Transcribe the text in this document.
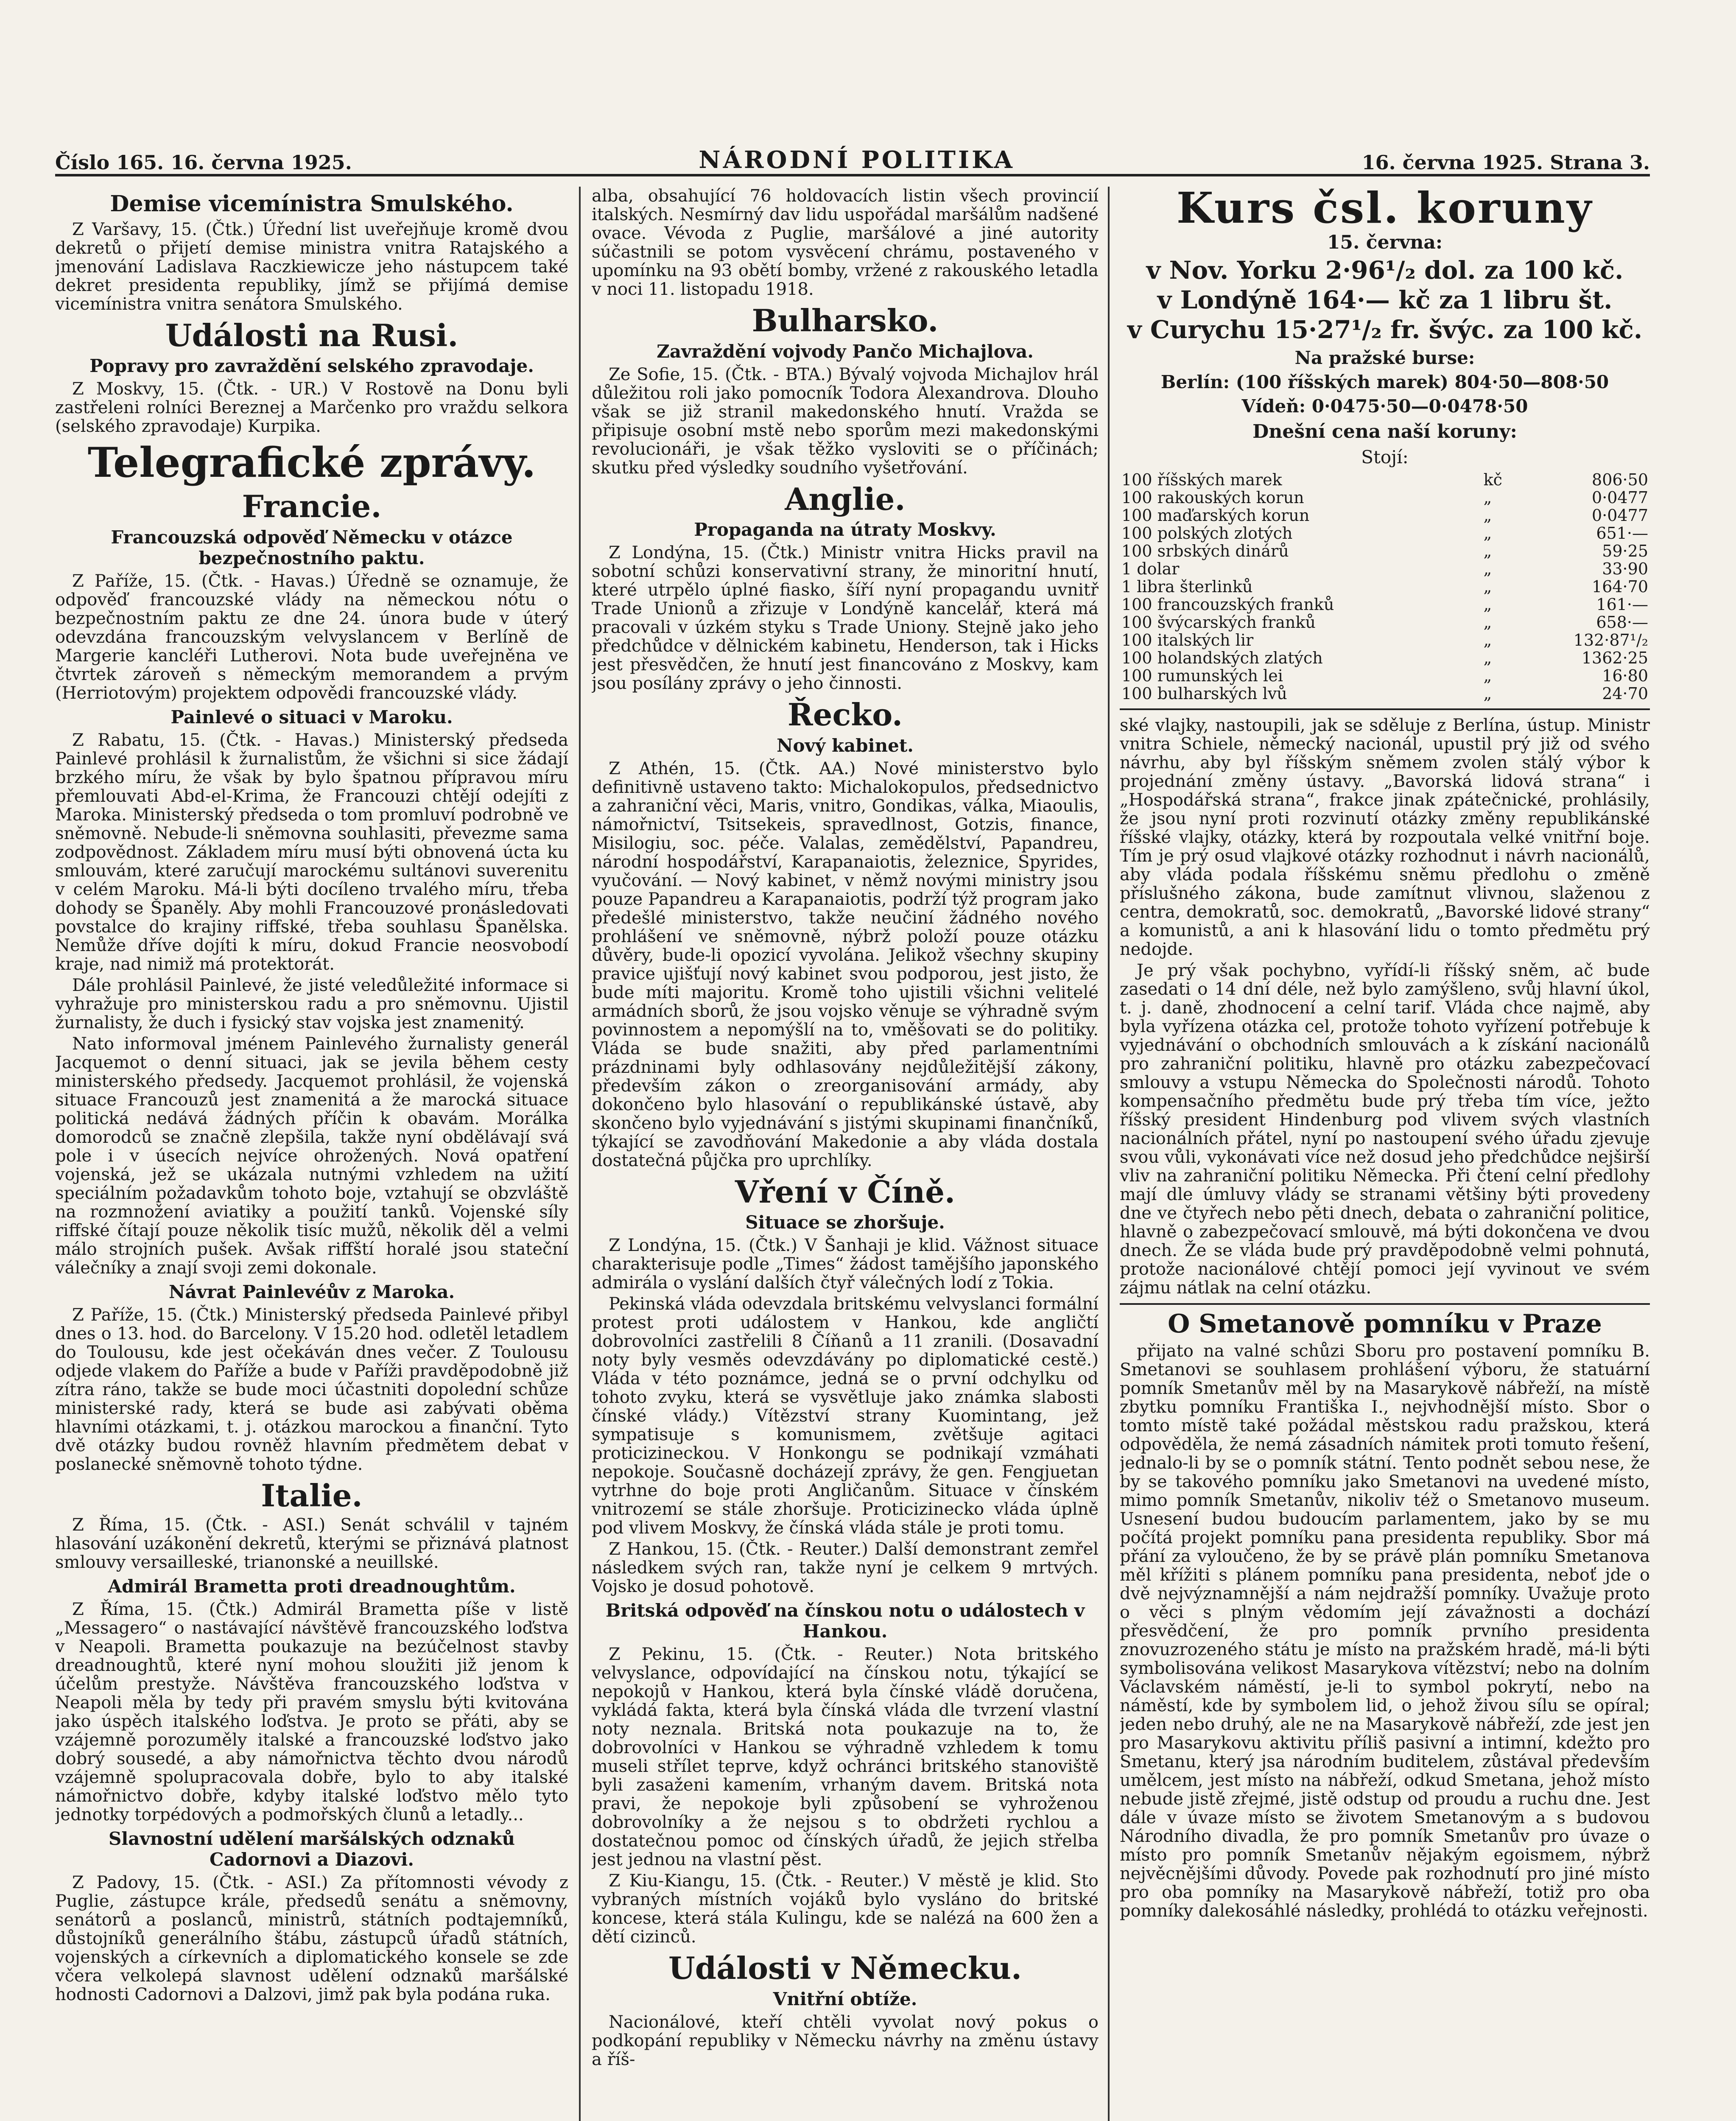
Číslo 165. 16. června 1925.	NÁRODNÍ POLITIKA	16. června 1925. Strana 3.
Demise vicemínistra Smulského.

Z Varšavy, 15. (Čtk.) Úřední list uveřejňuje kromě dvou dekretů o přijetí demise ministra vnitra Ratajského a jmenování Ladislava Raczkiewicze jeho nástupcem také dekret presidenta republiky, jímž se přijímá demise vicemínistra vnitra senátora Smulského.

Události na Rusi.
Popravy pro zavraždění selského zpravodaje.

Z Moskvy, 15. (Čtk. - UR.) V Rostově na Donu byli zastřeleni rolníci Bereznej a Marčenko pro vraždu selkora (selského zpravodaje) Kurpika.

Telegrafické zprávy.
Francie.
Francouzská odpověď Německu v otázce bezpečnostního paktu.

Z Paříže, 15. (Čtk. - Havas.) Úředně se oznamuje, že odpověď francouzské vlády na německou nótu o bezpečnostním paktu ze dne 24. února bude v úterý odevzdána francouzským velvyslancem v Berlíně de Margerie kancléři Lutherovi. Nota bude uveřejněna ve čtvrtek zároveň s německým memorandem a prvým (Herriotovým) projektem odpovědi francouzské vlády.

Painlevé o situaci v Maroku.

Z Rabatu, 15. (Čtk. - Havas.) Ministerský předseda Painlevé prohlásil k žurnalistům, že všichni si sice žádají brzkého míru, že však by bylo špatnou přípravou míru přemlouvati Abd-el-Krima, že Francouzi chtějí odejíti z Maroka. Ministerský předseda o tom promluví podrobně ve sněmovně. Nebude-li sněmovna souhlasiti, převezme sama zodpovědnost. Základem míru musí býti obnovená úcta ku smlouvám, které zaručují marockému sultánovi suverenitu v celém Maroku. Má-li býti docíleno trvalého míru, třeba dohody se Španěly. Aby mohli Francouzové pronásledovati povstalce do krajiny riffské, třeba souhlasu Španělska. Nemůže dříve dojíti k míru, dokud Francie neosvobodí kraje, nad nimiž má protektorát.

Dále prohlásil Painlevé, že jisté veledůležité informace si vyhražuje pro ministerskou radu a pro sněmovnu. Ujistil žurnalisty, že duch i fysický stav vojska jest znamenitý.

Nato informoval jménem Painlevého žurnalisty generál Jacquemot o denní situaci, jak se jevila během cesty ministerského předsedy. Jacquemot prohlásil, že vojenská situace Francouzů jest znamenitá a že marocká situace politická nedává žádných příčin k obavám. Morálka domorodců se značně zlepšila, takže nyní obdělávají svá pole i v úsecích nejvíce ohrožených. Nová opatření vojenská, jež se ukázala nutnými vzhledem na užití speciálním požadavkům tohoto boje, vztahují se obzvláště na rozmnožení aviatiky a použití tanků. Vojenské síly riffské čítají pouze několik tisíc mužů, několik děl a velmi málo strojních pušek. Avšak riffští horalé jsou stateční válečníky a znají svoji zemi dokonale.

Návrat Painlevéův z Maroka.

Z Paříže, 15. (Čtk.) Ministerský předseda Painlevé přibyl dnes o 13. hod. do Barcelony. V 15.20 hod. odletěl letadlem do Toulousu, kde jest očekáván dnes večer. Z Toulousu odjede vlakem do Paříže a bude v Paříži pravděpodobně již zítra ráno, takže se bude moci účastniti dopolední schůze ministerské rady, která se bude asi zabývati oběma hlavními otázkami, t. j. otázkou marockou a finanční. Tyto dvě otázky budou rovněž hlavním předmětem debat v poslanecké sněmovně tohoto týdne.

Italie.

Z Říma, 15. (Čtk. - ASI.) Senát schválil v tajném hlasování uzákonění dekretů, kterými se přiznává platnost smlouvy versailleské, trianonské a neuillské.

Admirál Brametta proti dreadnoughtům.

Z Říma, 15. (Čtk.) Admirál Brametta píše v listě „Messagero“ o nastávající návštěvě francouzského loďstva v Neapoli. Brametta poukazuje na bezúčelnost stavby dreadnoughtů, které nyní mohou sloužiti již jenom k účelům prestyže. Návštěva francouzského loďstva v Neapoli měla by tedy při pravém smyslu býti kvitována jako úspěch italského loďstva. Je proto se přáti, aby se vzájemně porozuměly italské a francouzské loďstvo jako dobrý sousedé, a aby námořnictva těchto dvou národů vzájemně spolupracovala dobře, bylo to aby italské námořnictvo dobře, kdyby italské loďstvo mělo tyto jednotky torpédových a podmořských člunů a letadly...

Slavnostní udělení maršálských odznaků Cadornovi a Diazovi.

Z Padovy, 15. (Čtk. - ASI.) Za přítomnosti vévody z Puglie, zástupce krále, předsedů senátu a sněmovny, senátorů a poslanců, ministrů, státních podtajemníků, důstojníků generálního štábu, zástupců úřadů státních, vojenských a církevních a diplomatického konsele se zde včera velkolepá slavnost udělení odznaků maršálské hodnosti Cadornovi a Dalzovi, jimž pak byla podána ruka.

alba, obsahující 76 holdovacích listin všech provincií italských. Nesmírný dav lidu uspořádal maršálům nadšené ovace. Vévoda z Puglie, maršálové a jiné autority súčastnili se potom vysvěcení chrámu, postaveného v upomínku na 93 obětí bomby, vržené z rakouského letadla v noci 11. listopadu 1918.

Bulharsko.
Zavraždění vojvody Pančo Michajlova.

Ze Sofie, 15. (Čtk. - BTA.) Bývalý vojvoda Michajlov hrál důležitou roli jako pomocník Todora Alexandrova. Dlouho však se již stranil makedonského hnutí. Vražda se připisuje osobní mstě nebo sporům mezi makedonskými revolucionáři, je však těžko vysloviti se o příčinách; skutku před výsledky soudního vyšetřování.

Anglie.
Propaganda na útraty Moskvy.

Z Londýna, 15. (Čtk.) Ministr vnitra Hicks pravil na sobotní schůzi konservativní strany, že minoritní hnutí, které utrpělo úplné fiasko, šíří nyní propagandu uvnitř Trade Unionů a zřizuje v Londýně kancelář, která má pracovali v úzkém styku s Trade Uniony. Stejně jako jeho předchůdce v dělnickém kabinetu, Henderson, tak i Hicks jest přesvědčen, že hnutí jest financováno z Moskvy, kam jsou posílány zprávy o jeho činnosti.

Řecko.
Nový kabinet.

Z Athén, 15. (Čtk. AA.) Nové ministerstvo bylo definitivně ustaveno takto: Michalokopulos, předsednictvo a zahraniční věci, Maris, vnitro, Gondikas, válka, Miaoulis, námořnictví, Tsitsekeis, spravedlnost, Gotzis, finance, Misilogiu, soc. péče. Valalas, zemědělství, Papandreu, národní hospodářství, Karapanaiotis, železnice, Spyrides, vyučování. — Nový kabinet, v němž novými ministry jsou pouze Papandreu a Karapanaiotis, podrží týž program jako předešlé ministerstvo, takže neučiní žádného nového prohlášení ve sněmovně, nýbrž položí pouze otázku důvěry, bude-li opozicí vyvolána. Jelikož všechny skupiny pravice ujišťují nový kabinet svou podporou, jest jisto, že bude míti majoritu. Kromě toho ujistili všichni velitelé armádních sborů, že jsou vojsko věnuje se výhradně svým povinnostem a nepomýšlí na to, vměšovati se do politiky. Vláda se bude snažiti, aby před parlamentními prázdninami byly odhlasovány nejdůležitější zákony, především zákon o zreorganisování armády, aby dokončeno bylo hlasování o republikánské ústavě, aby skončeno bylo vyjednávání s jistými skupinami finančníků, týkající se zavodňování Makedonie a aby vláda dostala dostatečná půjčka pro uprchlíky.

Vření v Číně.
Situace se zhoršuje.

Z Londýna, 15. (Čtk.) V Šanhaji je klid. Vážnost situace charakterisuje podle „Times“ žádost tamějšího japonského admirála o vyslání dalších čtyř válečných lodí z Tokia.

Pekinská vláda odevzdala britskému velvyslanci formální protest proti událostem v Hankou, kde angličtí dobrovolníci zastřelili 8 Číňanů a 11 zranili. (Dosavadní noty byly vesměs odevzdávány po diplomatické cestě.) Vláda v této poznámce, jedná se o první odchylku od tohoto zvyku, která se vysvětluje jako známka slabosti čínské vlády.) Vítězství strany Kuomintang, jež sympatisuje s komunismem, zvětšuje agitaci proticizineckou. V Honkongu se podnikají vzmáhati nepokoje. Současně docházejí zprávy, že gen. Fengjuetan vytrhne do boje proti Angličanům. Situace v čínském vnitrozemí se stále zhoršuje. Proticizinecko vláda úplně pod vlivem Moskvy, že čínská vláda stále je proti tomu.

Z Hankou, 15. (Čtk. - Reuter.) Další demonstrant zemřel následkem svých ran, takže nyní je celkem 9 mrtvých. Vojsko je dosud pohotově.

Britská odpověď na čínskou notu o událostech v Hankou.

Z Pekinu, 15. (Čtk. - Reuter.) Nota britského velvyslance, odpovídající na čínskou notu, týkající se nepokojů v Hankou, která byla čínské vládě doručena, vykládá fakta, která byla čínská vláda dle tvrzení vlastní noty neznala. Britská nota poukazuje na to, že dobrovolníci v Hankou se výhradně vzhledem k tomu museli střílet teprve, když ochránci britského stanoviště byli zasaženi kamením, vrhaným davem. Britská nota pravi, že nepokoje byli způsobení se vyhroženou dobrovolníky a že nejsou s to obdržeti rychlou a dostatečnou pomoc od čínských úřadů, že jejich střelba jest jednou na vlastní pěst.

Z Kiu-Kiangu, 15. (Čtk. - Reuter.) V městě je klid. Sto vybraných místních vojáků bylo vysláno do britské koncese, která stála Kulingu, kde se nalézá na 600 žen a dětí cizinců.

Události v Německu.
Vnitřní obtíže.

Nacionálové, kteří chtěli vyvolat nový pokus o podkopání republiky v Německu návrhy na změnu ústavy a říš-

Kurs čsl. koruny
15. června:
v Nov. Yorku 2·96¹/₂ dol. za 100 kč.
v Londýně 164·— kč za 1 libru št.
v Curychu 15·27¹/₂ fr. švýc. za 100 kč.
Na pražské burse:
Berlín: (100 říšských marek) 804·50—808·50
Vídeň: 0·0475·50—0·0478·50
Dnešní cena naší koruny:
Stojí:
100 říšských marek	kč	806·50
100 rakouských korun	„	0·0477
100 maďarských korun	„	0·0477
100 polských zlotých	„	651·—
100 srbských dinárů	„	59·25
1 dolar	„	33·90
1 libra šterlinků	„	164·70
100 francouzských franků	„	161·—
100 švýcarských franků	„	658·—
100 italských lir	„	132·87¹/₂
100 holandských zlatých	„	1362·25
100 rumunských lei	„	16·80
100 bulharských lvů	„	24·70

ské vlajky, nastoupili, jak se sděluje z Berlína, ústup. Ministr vnitra Schiele, německý nacionál, upustil prý již od svého návrhu, aby byl říšským sněmem zvolen stálý výbor k projednání změny ústavy. „Bavorská lidová strana“ i „Hospodářská strana“, frakce jinak zpátečnické, prohlásily, že jsou nyní proti rozvinutí otázky změny republikánské říšské vlajky, otázky, která by rozpoutala velké vnitřní boje. Tím je prý osud vlajkové otázky rozhodnut i návrh nacionálů, aby vláda podala říšskému sněmu předlohu o změně příslušného zákona, bude zamítnut vlivnou, slaženou z centra, demokratů, soc. demokratů, „Bavorské lidové strany“ a komunistů, a ani k hlasování lidu o tomto předmětu prý nedojde.

Je prý však pochybno, vyřídí-li říšský sněm, ač bude zasedati o 14 dní déle, než bylo zamýšleno, svůj hlavní úkol, t. j. daně, zhodnocení a celní tarif. Vláda chce najmě, aby byla vyřízena otázka cel, protože tohoto vyřízení potřebuje k vyjednávání o obchodních smlouvách a k získání nacionálů pro zahraniční politiku, hlavně pro otázku zabezpečovací smlouvy a vstupu Německa do Společnosti národů. Tohoto kompensačního předmětu bude prý třeba tím více, ježto říšský president Hindenburg pod vlivem svých vlastních nacionálních přátel, nyní po nastoupení svého úřadu zjevuje svou vůli, vykonávati více než dosud jeho předchůdce nejširší vliv na zahraniční politiku Německa. Při čtení celní předlohy mají dle úmluvy vlády se stranami většiny býti provedeny dne ve čtyřech nebo pěti dnech, debata o zahraniční politice, hlavně o zabezpečovací smlouvě, má býti dokončena ve dvou dnech. Že se vláda bude prý pravděpodobně velmi pohnutá, protože nacionálové chtějí pomoci její vyvinout ve svém zájmu nátlak na celní otázku.

O Smetanově pomníku v Praze

přijato na valné schůzi Sboru pro postavení pomníku B. Smetanovi se souhlasem prohlášení výboru, že statuární pomník Smetanův měl by na Masarykově nábřeží, na místě zbytku pomníku Františka I., nejvhodnější místo. Sbor o tomto místě také požádal městskou radu pražskou, která odpověděla, že nemá zásadních námitek proti tomuto řešení, jednalo-li by se o pomník státní. Tento podnět sebou nese, že by se takového pomníku jako Smetanovi na uvedené místo, mimo pomník Smetanův, nikoliv též o Smetanovo museum. Usnesení budou budoucím parlamentem, jako by se mu počítá projekt pomníku pana presidenta republiky. Sbor má přání za vyloučeno, že by se právě plán pomníku Smetanova měl křížiti s plánem pomníku pana presidenta, neboť jde o dvě nejvýznamnější a nám nejdražší pomníky. Uvažuje proto o věci s plným vědomím její závažnosti a dochází přesvědčení, že pro pomník prvního presidenta znovuzrozeného státu je místo na pražském hradě, má-li býti symbolisována velikost Masarykova vítězství; nebo na dolním Václavském náměstí, je-li to symbol pokrytí, nebo na náměstí, kde by symbolem lid, o jehož živou sílu se opíral; jeden nebo druhý, ale ne na Masarykově nábřeží, zde jest jen pro Masarykovu aktivitu příliš pasivní a intimní, kdežto pro Smetanu, který jsa národním buditelem, zůstával především umělcem, jest místo na nábřeží, odkud Smetana, jehož místo nebude jistě zřejmé, jistě odstup od proudu a ruchu dne. Jest dále v úvaze místo se životem Smetanovým a s budovou Národního divadla, že pro pomník Smetanův pro úvaze o místo pro pomník Smetanův nějakým egoismem, nýbrž nejvěcnějšími důvody. Povede pak rozhodnutí pro jiné místo pro oba pomníky na Masarykově nábřeží, totiž pro oba pomníky dalekosáhlé následky, prohlédá to otázku veřejnosti.
